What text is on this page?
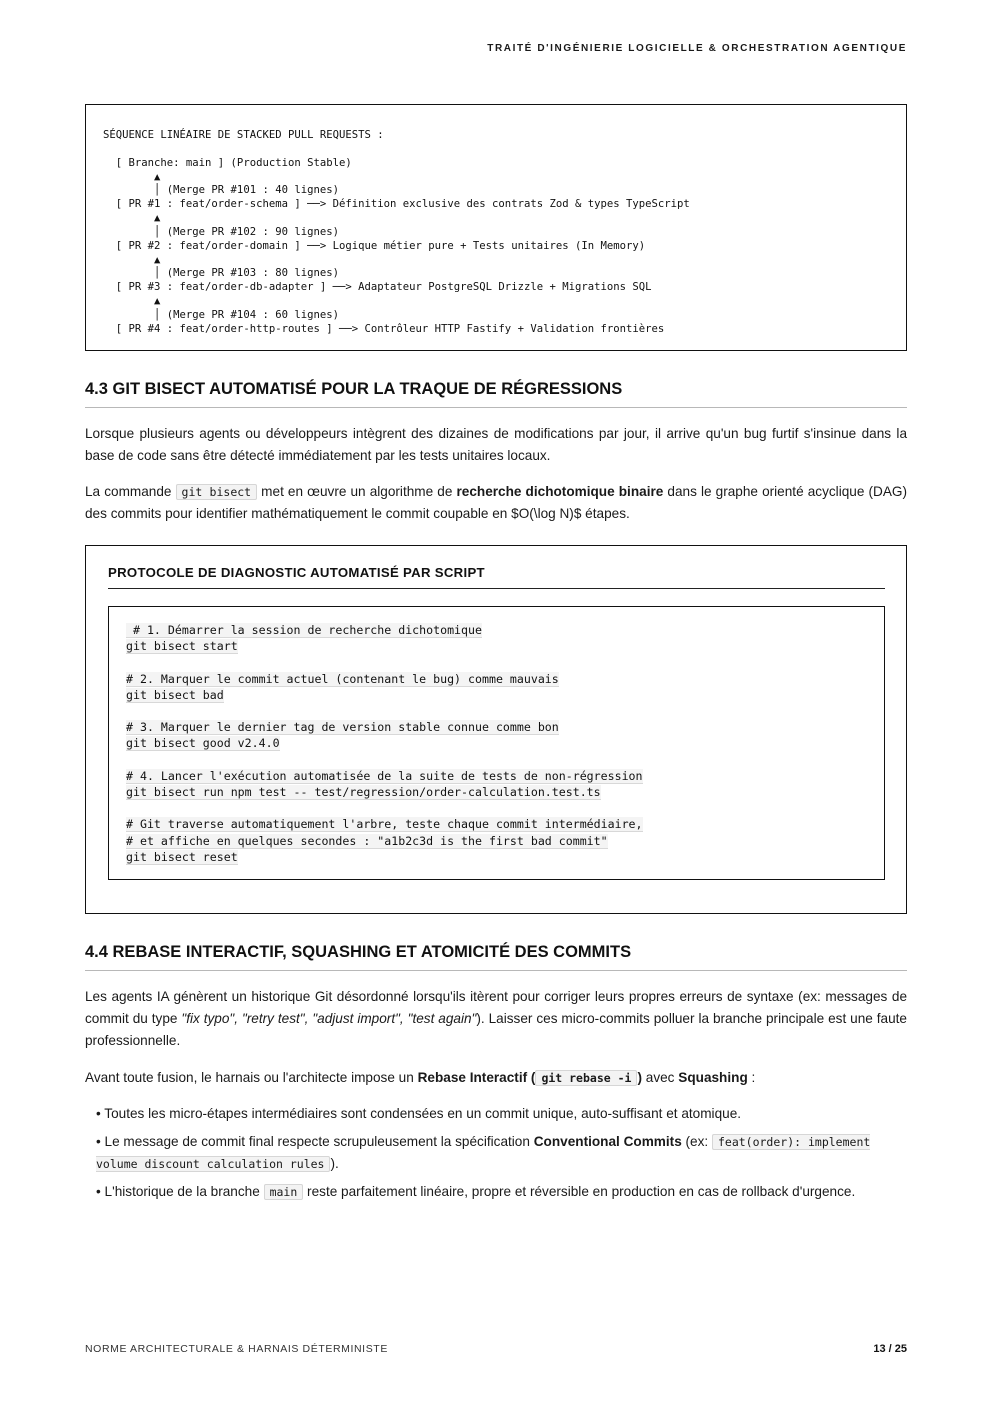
TRAITÉ D'INGÉNIERIE LOGICIELLE & ORCHESTRATION AGENTIQUE
SÉQUENCE LINÉAIRE DE STACKED PULL REQUESTS :

[ Branche: main ] (Production Stable)
▲
│ (Merge PR #101 : 40 lignes)
[ PR #1 : feat/order-schema ] ──> Définition exclusive des contrats Zod & types TypeScript
▲
│ (Merge PR #102 : 90 lignes)
[ PR #2 : feat/order-domain ] ──> Logique métier pure + Tests unitaires (In Memory)
▲
│ (Merge PR #103 : 80 lignes)
[ PR #3 : feat/order-db-adapter ] ──> Adaptateur PostgreSQL Drizzle + Migrations SQL
▲
│ (Merge PR #104 : 60 lignes)
[ PR #4 : feat/order-http-routes ] ──> Contrôleur HTTP Fastify + Validation frontières
4.3 GIT BISECT AUTOMATISÉ POUR LA TRAQUE DE RÉGRESSIONS
Lorsque plusieurs agents ou développeurs intègrent des dizaines de modifications par jour, il arrive qu'un bug furtif s'insinue dans la base de code sans être détecté immédiatement par les tests unitaires locaux.
La commande git bisect met en œuvre un algorithme de recherche dichotomique binaire dans le graphe orienté acyclique (DAG) des commits pour identifier mathématiquement le commit coupable en $O(\log N)$ étapes.
PROTOCOLE DE DIAGNOSTIC AUTOMATISÉ PAR SCRIPT
# 1. Démarrer la session de recherche dichotomique
git bisect start
# 2. Marquer le commit actuel (contenant le bug) comme mauvais
git bisect bad
# 3. Marquer le dernier tag de version stable connue comme bon
git bisect good v2.4.0
# 4. Lancer l'exécution automatisée de la suite de tests de non-régression
git bisect run npm test -- test/regression/order-calculation.test.ts
# Git traverse automatiquement l'arbre, teste chaque commit intermédiaire,
# et affiche en quelques secondes : "a1b2c3d is the first bad commit"
git bisect reset
4.4 REBASE INTERACTIF, SQUASHING ET ATOMICITÉ DES COMMITS
Les agents IA génèrent un historique Git désordonné lorsqu'ils itèrent pour corriger leurs propres erreurs de syntaxe (ex: messages de commit du type "fix typo", "retry test", "adjust import", "test again"). Laisser ces micro-commits polluer la branche principale est une faute professionnelle.
Avant toute fusion, le harnais ou l'architecte impose un Rebase Interactif ( git rebase -i ) avec Squashing :
• Toutes les micro-étapes intermédiaires sont condensées en un commit unique, auto-suffisant et atomique.
• Le message de commit final respecte scrupuleusement la spécification Conventional Commits (ex: feat(order): implement volume discount calculation rules ).
• L'historique de la branche main reste parfaitement linéaire, propre et réversible en production en cas de rollback d'urgence.
NORME ARCHITECTURALE & HARNAIS DÉTERMINISTE	13 / 25
